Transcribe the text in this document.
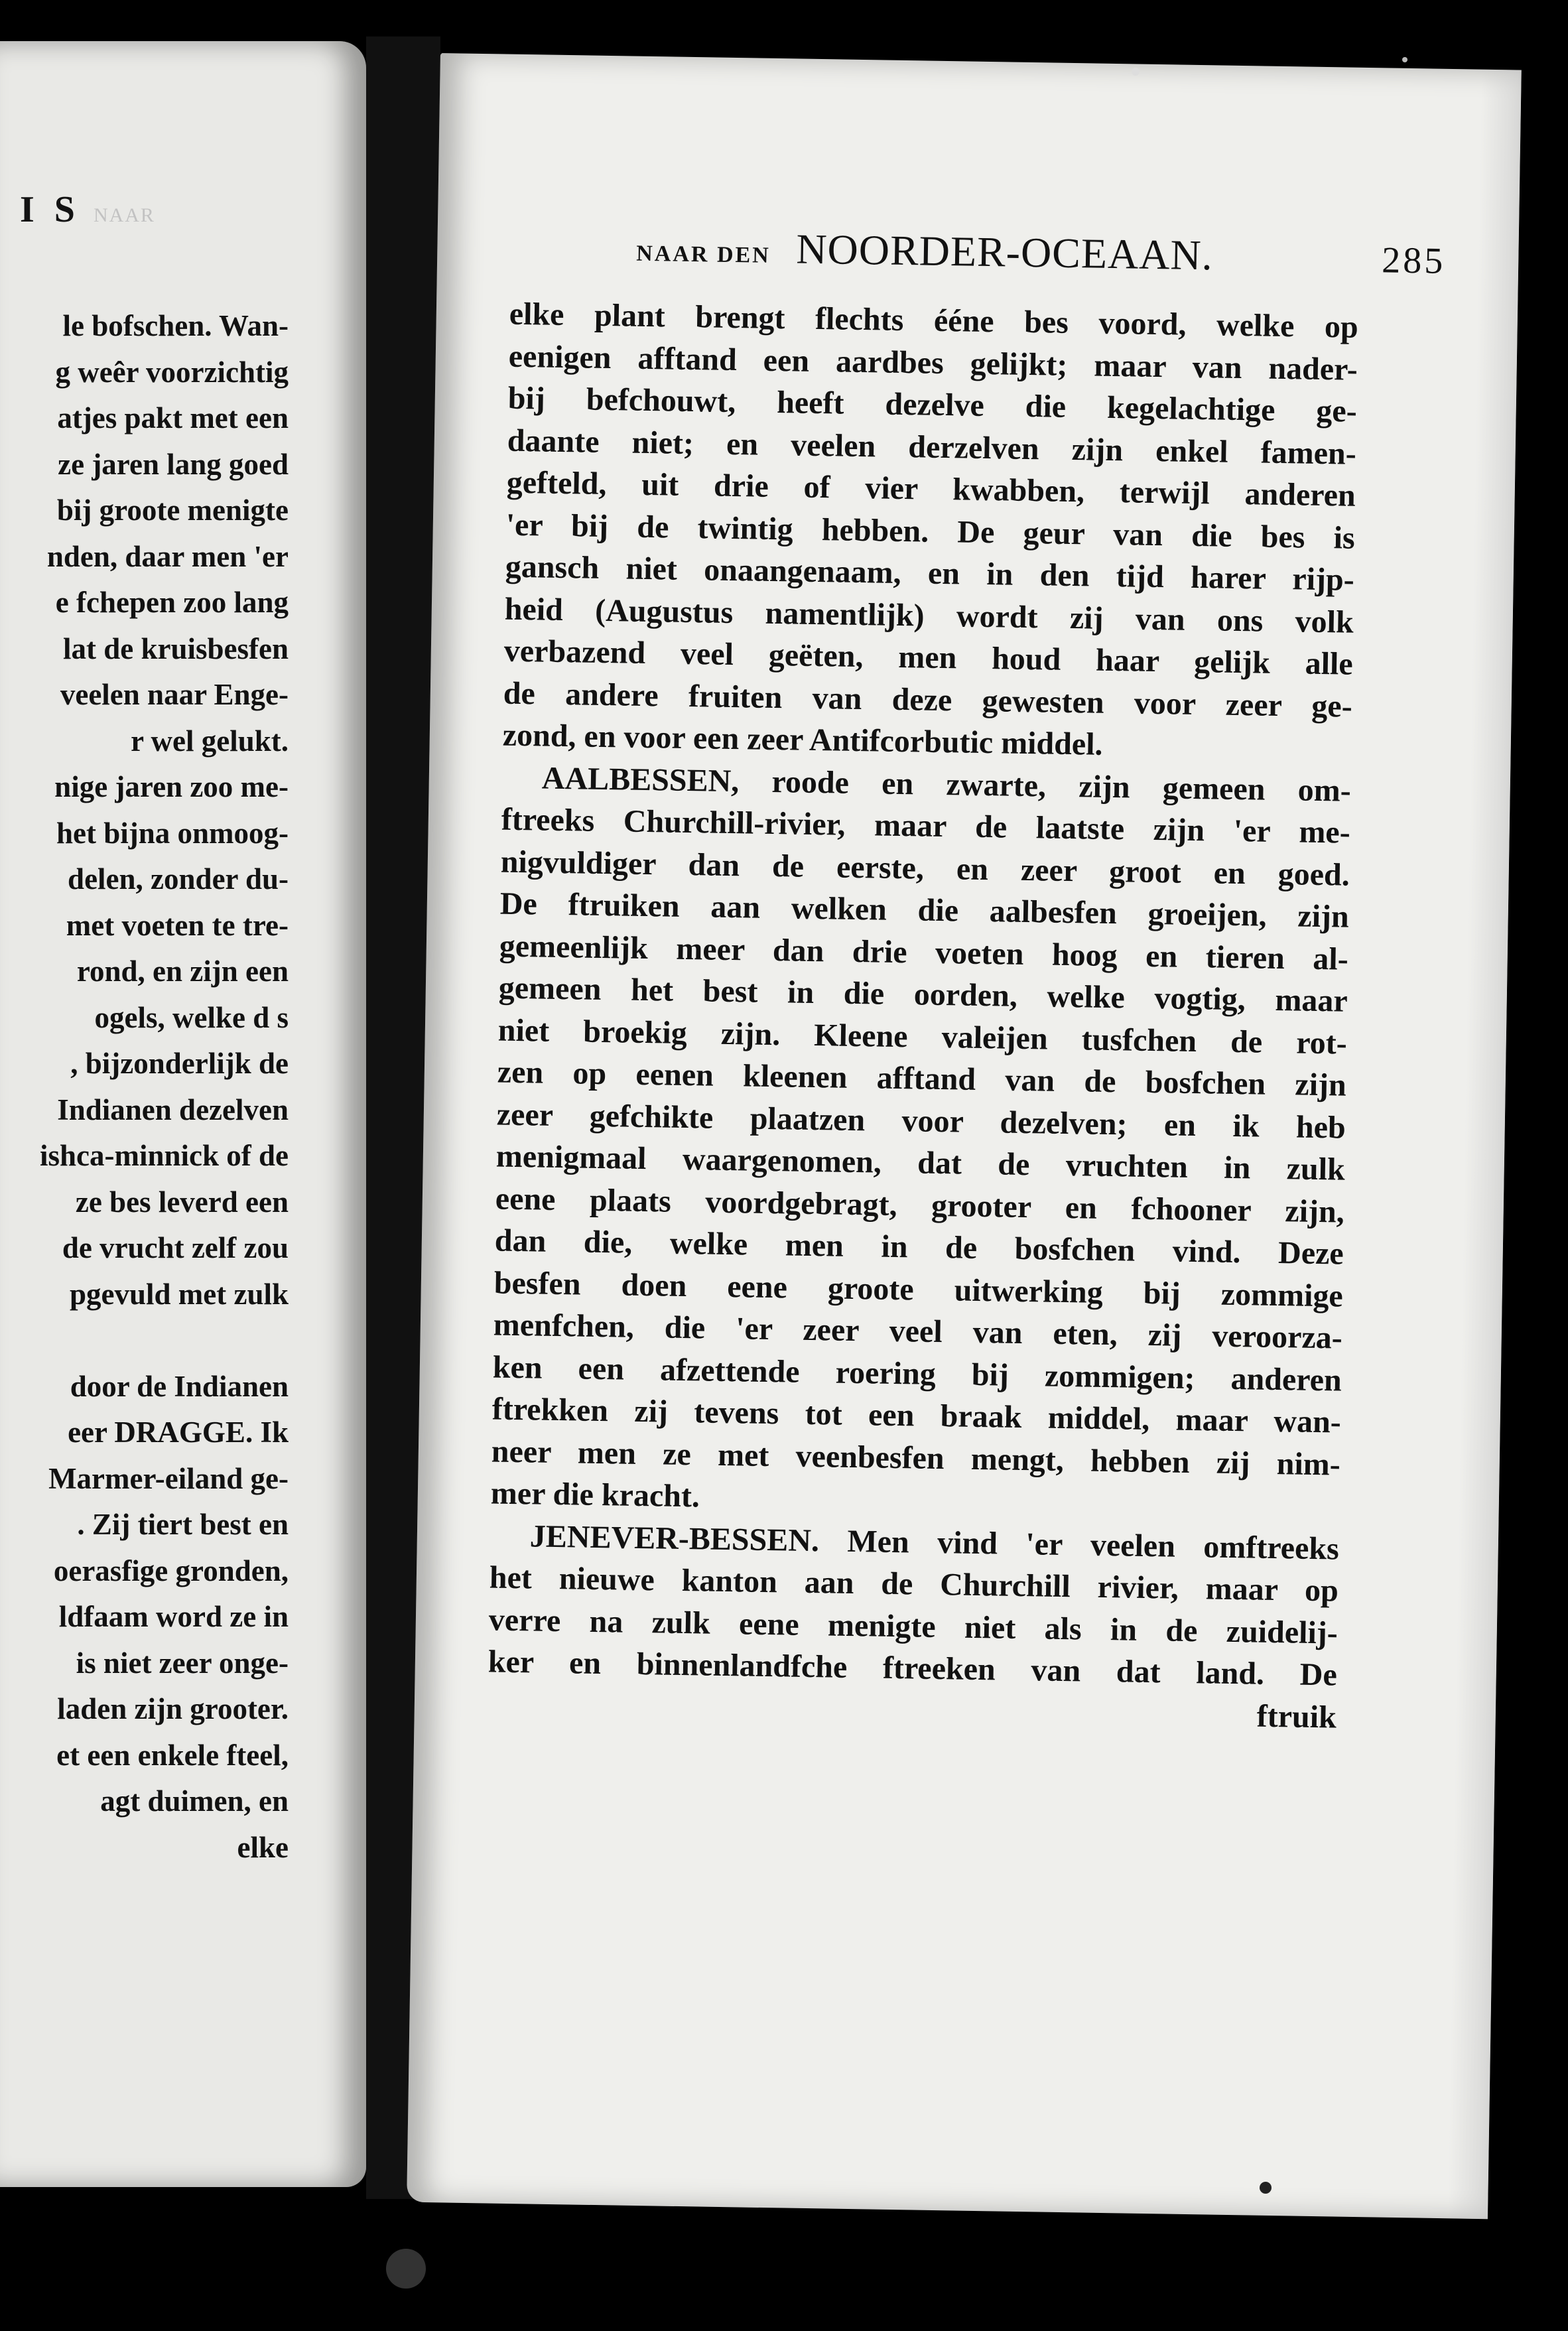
I S NAAR
le bofschen. Wan-
g weêr voorzichtig
atjes pakt met een
ze jaren lang goed
bij groote menigte
nden, daar men 'er
e fchepen zoo lang
lat de kruisbesfen
veelen naar Enge-
r wel gelukt.
nige jaren zoo me-
het bijna onmoog-
delen, zonder du-
met voeten te tre-
rond, en zijn een
ogels, welke d s
, bijzonderlijk de
Indianen dezelven
ishca-minnick of de
ze bes leverd een
de vrucht zelf zou
pgevuld met zulk

door de Indianen
eer DRAGGE. Ik
Marmer-eiland ge-
. Zij tiert best en
oerasfige gronden,
ldfaam word ze in
is niet zeer onge-
laden zijn grooter.
et een enkele fteel,
agt duimen, en
elke
NAAR DEN NOORDER-OCEAAN.	285
elke plant brengt flechts ééne bes voord, welke op
eenigen afftand een aardbes gelijkt; maar van nader-
bij befchouwt, heeft dezelve die kegelachtige ge-
daante niet; en veelen derzelven zijn enkel famen-
gefteld, uit drie of vier kwabben, terwijl anderen
'er bij de twintig hebben. De geur van die bes is
gansch niet onaangenaam, en in den tijd harer rijp-
heid (Augustus namentlijk) wordt zij van ons volk
verbazend veel geëten, men houd haar gelijk alle
de andere fruiten van deze gewesten voor zeer ge-
zond, en voor een zeer Antifcorbutic middel.
AALBESSEN, roode en zwarte, zijn gemeen om-
ftreeks Churchill-rivier, maar de laatste zijn 'er me-
nigvuldiger dan de eerste, en zeer groot en goed.
De ftruiken aan welken die aalbesfen groeijen, zijn
gemeenlijk meer dan drie voeten hoog en tieren al-
gemeen het best in die oorden, welke vogtig, maar
niet broekig zijn. Kleene valeijen tusfchen de rot-
zen op eenen kleenen afftand van de bosfchen zijn
zeer gefchikte plaatzen voor dezelven; en ik heb
menigmaal waargenomen, dat de vruchten in zulk
eene plaats voordgebragt, grooter en fchooner zijn,
dan die, welke men in de bosfchen vind. Deze
besfen doen eene groote uitwerking bij zommige
menfchen, die 'er zeer veel van eten, zij veroorza-
ken een afzettende roering bij zommigen; anderen
ftrekken zij tevens tot een braak middel, maar wan-
neer men ze met veenbesfen mengt, hebben zij nim-
mer die kracht.
JENEVER-BESSEN. Men vind 'er veelen omftreeks
het nieuwe kanton aan de Churchill rivier, maar op
verre na zulk eene menigte niet als in de zuidelij-
ker en binnenlandfche ftreeken van dat land. De
ftruik
